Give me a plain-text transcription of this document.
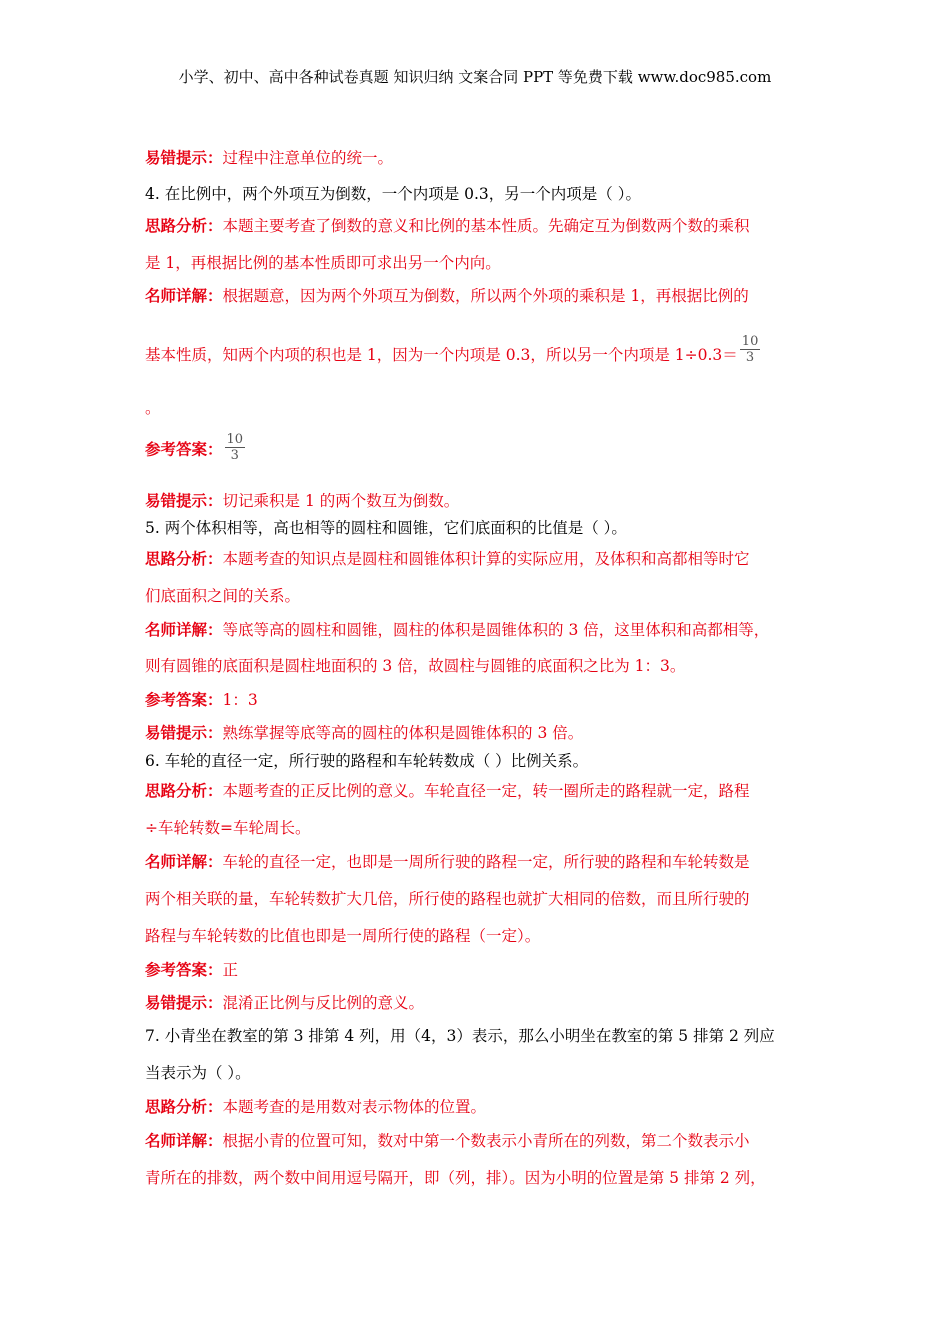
小学、初中、高中各种试卷真题 知识归纳 文案合同 PPT 等免费下载 www.doc985.com
易错提示：过程中注意单位的统一。
4. 在比例中，两个外项互为倒数，一个内项是 0.3，另一个内项是（ ）。
思路分析：本题主要考查了倒数的意义和比例的基本性质。先确定互为倒数两个数的乘积
是 1，再根据比例的基本性质即可求出另一个内向。
名师详解：根据题意，因为两个外项互为倒数，所以两个外项的乘积是 1，再根据比例的
基本性质，知两个内项的积也是 1，因为一个内项是 0.3，所以另一个内项是 $1\div 0.3= \frac{10}{3}$
。
参考答案： $\frac{10}{3}$
易错提示：切记乘积是 1 的两个数互为倒数。
5. 两个体积相等，高也相等的圆柱和圆锥，它们底面积的比值是（ ）。
思路分析：本题考查的知识点是圆柱和圆锥体积计算的实际应用，及体积和高都相等时它
们底面积之间的关系。
名师详解：等底等高的圆柱和圆锥，圆柱的体积是圆锥体积的 3 倍，这里体积和高都相等，
则有圆锥的底面积是圆柱地面积的 3 倍，故圆柱与圆锥的底面积之比为 1：3。
参考答案：1：3
易错提示：熟练掌握等底等高的圆柱的体积是圆锥体积的 3 倍。
6. 车轮的直径一定，所行驶的路程和车轮转数成（ ）比例关系。
思路分析：本题考查的正反比例的意义。车轮直径一定，转一圈所走的路程就一定，路程
÷车轮转数=车轮周长。
名师详解：车轮的直径一定，也即是一周所行驶的路程一定，所行驶的路程和车轮转数是
两个相关联的量，车轮转数扩大几倍，所行使的路程也就扩大相同的倍数，而且所行驶的
路程与车轮转数的比值也即是一周所行使的路程（一定）。
参考答案：正
易错提示：混淆正比例与反比例的意义。
7. 小青坐在教室的第 3 排第 4 列，用（4，3）表示，那么小明坐在教室的第 5 排第 2 列应
当表示为（ ）。
思路分析：本题考查的是用数对表示物体的位置。
名师详解：根据小青的位置可知，数对中第一个数表示小青所在的列数，第二个数表示小
青所在的排数，两个数中间用逗号隔开，即（列，排）。因为小明的位置是第 5 排第 2 列，
